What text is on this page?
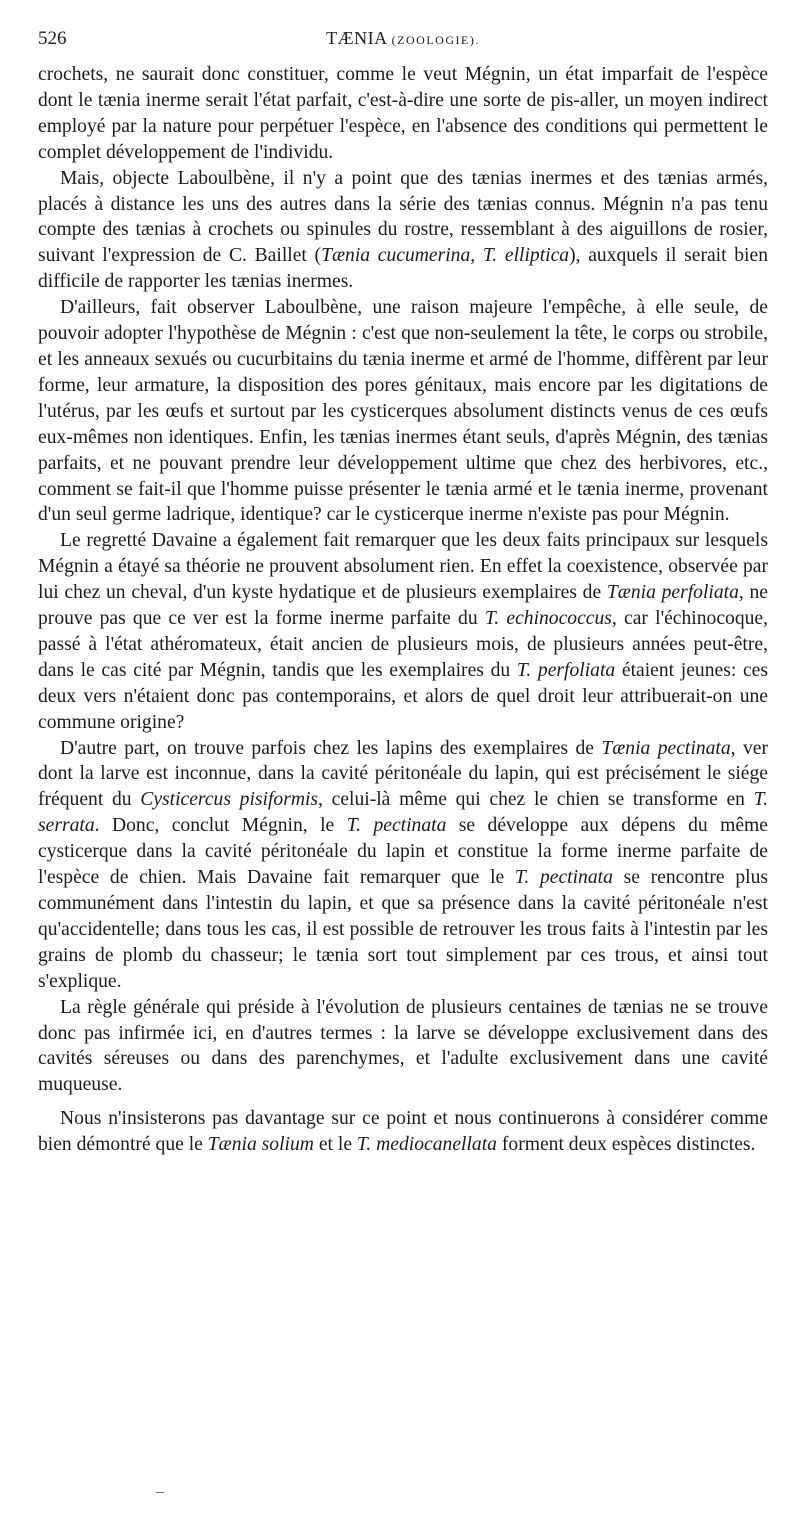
526	TÆNIA (ZOOLOGIE).

crochets, ne saurait donc constituer, comme le veut Mégnin, un état imparfait de l'espèce dont le tænia inerme serait l'état parfait, c'est-à-dire une sorte de pis-aller, un moyen indirect employé par la nature pour perpétuer l'espèce, en l'absence des conditions qui permettent le complet développement de l'individu.

Mais, objecte Laboulbène, il n'y a point que des tænias inermes et des tænias armés, placés à distance les uns des autres dans la série des tænias connus. Mégnin n'a pas tenu compte des tænias à crochets ou spinules du rostre, ressemblant à des aiguillons de rosier, suivant l'expression de C. Baillet (Tænia cucumerina, T. elliptica), auxquels il serait bien difficile de rapporter les tænias inermes.

D'ailleurs, fait observer Laboulbène, une raison majeure l'empêche, à elle seule, de pouvoir adopter l'hypothèse de Mégnin : c'est que non-seulement la tête, le corps ou strobile, et les anneaux sexués ou cucurbitains du tænia inerme et armé de l'homme, diffèrent par leur forme, leur armature, la disposition des pores génitaux, mais encore par les digitations de l'utérus, par les œufs et surtout par les cysticerques absolument distincts venus de ces œufs eux-mêmes non identiques. Enfin, les tænias inermes étant seuls, d'après Mégnin, des tænias parfaits, et ne pouvant prendre leur développement ultime que chez des herbivores, etc., comment se fait-il que l'homme puisse présenter le tænia armé et le tænia inerme, provenant d'un seul germe ladrique, identique? car le cysticerque inerme n'existe pas pour Mégnin.

Le regretté Davaine a également fait remarquer que les deux faits principaux sur lesquels Mégnin a étayé sa théorie ne prouvent absolument rien. En effet la coexistence, observée par lui chez un cheval, d'un kyste hydatique et de plusieurs exemplaires de Tænia perfoliata, ne prouve pas que ce ver est la forme inerme parfaite du T. echinococcus, car l'échinocoque, passé à l'état athéromateux, était ancien de plusieurs mois, de plusieurs années peut-être, dans le cas cité par Mégnin, tandis que les exemplaires du T. perfoliata étaient jeunes: ces deux vers n'étaient donc pas contemporains, et alors de quel droit leur attribuerait-on une commune origine?

D'autre part, on trouve parfois chez les lapins des exemplaires de Tænia pectinata, ver dont la larve est inconnue, dans la cavité péritonéale du lapin, qui est précisément le siége fréquent du Cysticercus pisiformis, celui-là même qui chez le chien se transforme en T. serrata. Donc, conclut Mégnin, le T. pectinata se développe aux dépens du même cysticerque dans la cavité péritonéale du lapin et constitue la forme inerme parfaite de l'espèce de chien. Mais Davaine fait remarquer que le T. pectinata se rencontre plus communément dans l'intestin du lapin, et que sa présence dans la cavité péritonéale n'est qu'accidentelle; dans tous les cas, il est possible de retrouver les trous faits à l'intestin par les grains de plomb du chasseur; le tænia sort tout simplement par ces trous, et ainsi tout s'explique.

La règle générale qui préside à l'évolution de plusieurs centaines de tænias ne se trouve donc pas infirmée ici, en d'autres termes : la larve se développe exclusivement dans des cavités séreuses ou dans des parenchymes, et l'adulte exclusivement dans une cavité muqueuse.

Nous n'insisterons pas davantage sur ce point et nous continuerons à considérer comme bien démontré que le Tænia solium et le T. mediocanellata forment deux espèces distinctes.
